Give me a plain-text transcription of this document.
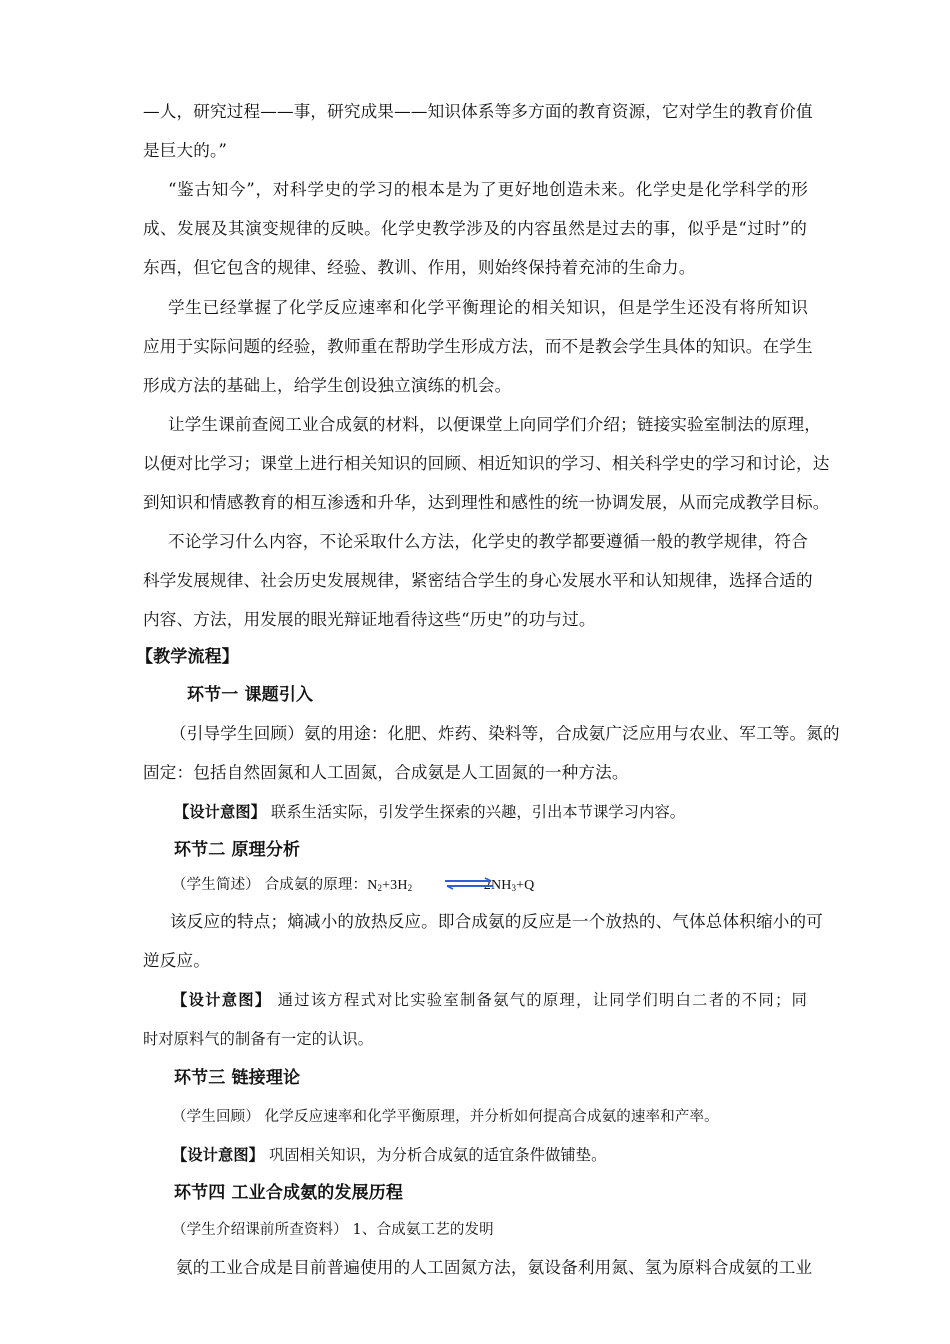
—人，研究过程——事，研究成果——知识体系等多方面的教育资源，它对学生的教育价值
是巨大的。”
“鉴古知今”，对科学史的学习的根本是为了更好地创造未来。化学史是化学科学的形
成、发展及其演变规律的反映。化学史教学涉及的内容虽然是过去的事，似乎是“过时”的
东西，但它包含的规律、经验、教训、作用，则始终保持着充沛的生命力。
学生已经掌握了化学反应速率和化学平衡理论的相关知识，但是学生还没有将所知识
应用于实际问题的经验，教师重在帮助学生形成方法，而不是教会学生具体的知识。在学生
形成方法的基础上，给学生创设独立演练的机会。
让学生课前查阅工业合成氨的材料，以便课堂上向同学们介绍；链接实验室制法的原理，
以便对比学习；课堂上进行相关知识的回顾、相近知识的学习、相关科学史的学习和讨论，达
到知识和情感教育的相互渗透和升华，达到理性和感性的统一协调发展，从而完成教学目标。
不论学习什么内容，不论采取什么方法，化学史的教学都要遵循一般的教学规律，符合
科学发展规律、社会历史发展规律，紧密结合学生的身心发展水平和认知规律，选择合适的
内容、方法，用发展的眼光辩证地看待这些“历史”的功与过。
【教学流程】
环节一 课题引入
（引导学生回顾）氨的用途：化肥、炸药、染料等，合成氨广泛应用与农业、军工等。氮的
固定：包括自然固氮和人工固氮，合成氨是人工固氮的一种方法。
【设计意图】 联系生活实际，引发学生探索的兴趣，引出本节课学习内容。
环节二 原理分析
（学生简述） 合成氨的原理：$N_2+3H_2$	$2NH_3+Q$
该反应的特点；熵减小的放热反应。即合成氨的反应是一个放热的、气体总体积缩小的可
逆反应。
【设计意图】 通过该方程式对比实验室制备氨气的原理，让同学们明白二者的不同；同
时对原料气的制备有一定的认识。
环节三 链接理论
（学生回顾） 化学反应速率和化学平衡原理，并分析如何提高合成氨的速率和产率。
【设计意图】 巩固相关知识，为分析合成氨的适宜条件做铺垫。
环节四 工业合成氨的发展历程
（学生介绍课前所查资料） 1、合成氨工艺的发明
氨的工业合成是目前普遍使用的人工固氮方法，氨设备利用氮、氢为原料合成氨的工业
